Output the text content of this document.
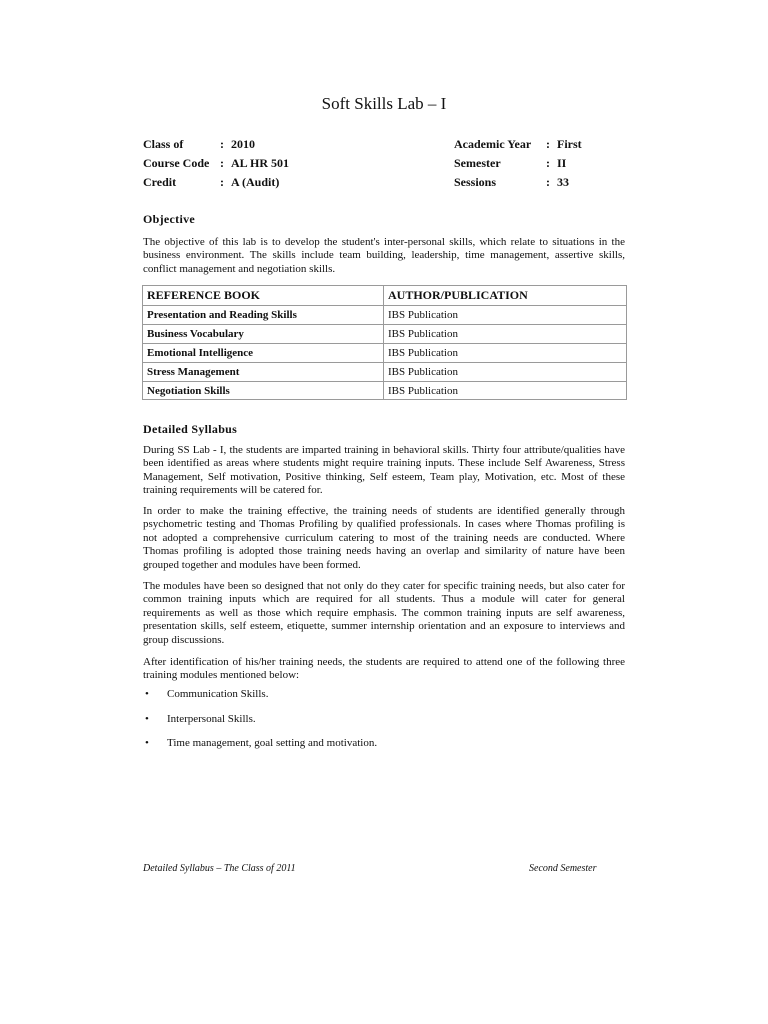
Soft Skills Lab – I
Class of	: 2010
Course Code : AL HR 501
Credit	: A (Audit)
Academic Year : First
Semester	: II
Sessions	: 33
Objective
The objective of this lab is to develop the student's inter-personal skills, which relate to situations in the business environment. The skills include team building, leadership, time management, assertive skills, conflict management and negotiation skills.
REFERENCE BOOK	AUTHOR/PUBLICATION
Presentation and Reading Skills	IBS Publication
Business Vocabulary	IBS Publication
Emotional Intelligence	IBS Publication
Stress Management	IBS Publication
Negotiation Skills	IBS Publication
Detailed Syllabus
During SS Lab - I, the students are imparted training in behavioral skills. Thirty four attribute/qualities have been identified as areas where students might require training inputs. These include Self Awareness, Stress Management, Self motivation, Positive thinking, Self esteem, Team play, Motivation, etc. Most of these training requirements will be catered for.
In order to make the training effective, the training needs of students are identified generally through psychometric testing and Thomas Profiling by qualified professionals. In cases where Thomas profiling is not adopted a comprehensive curriculum catering to most of the training needs are conducted. Where Thomas profiling is adopted those training needs having an overlap and similarity of nature have been grouped together and modules have been formed.
The modules have been so designed that not only do they cater for specific training needs, but also cater for common training inputs which are required for all students. Thus a module will cater for general requirements as well as those which require emphasis. The common training inputs are self awareness, presentation skills, self esteem, etiquette, summer internship orientation and an exposure to interviews and group discussions.
After identification of his/her training needs, the students are required to attend one of the following three training modules mentioned below:
• Communication Skills.
• Interpersonal Skills.
• Time management, goal setting and motivation.
Detailed Syllabus – The Class of 2011	Second Semester
